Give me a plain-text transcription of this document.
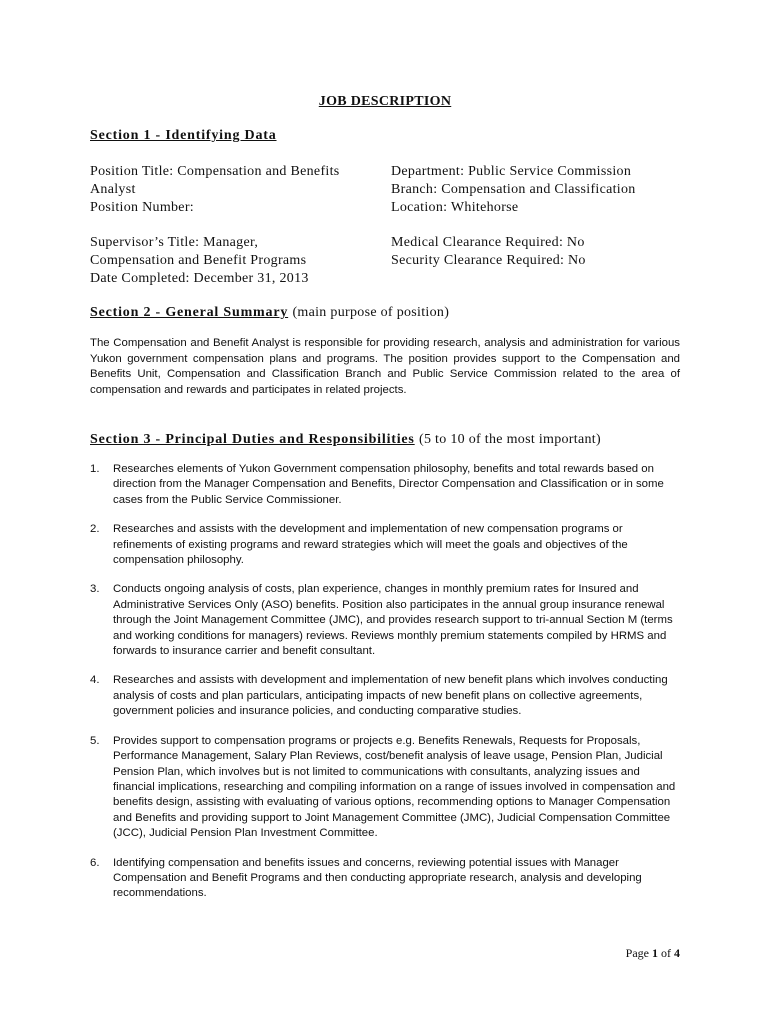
JOB DESCRIPTION
Section 1 - Identifying Data
Position Title: Compensation and Benefits
Analyst
Position Number:
Department: Public Service Commission
Branch: Compensation and Classification
Location: Whitehorse
Supervisor’s Title: Manager,
Compensation and Benefit Programs
Date Completed: December 31, 2013
Medical Clearance Required: No
Security Clearance Required: No
Section 2 - General Summary (main purpose of position)
The Compensation and Benefit Analyst is responsible for providing research, analysis and administration for various Yukon government compensation plans and programs. The position provides support to the Compensation and Benefits Unit, Compensation and Classification Branch and Public Service Commission related to the area of compensation and rewards and participates in related projects.
Section 3 - Principal Duties and Responsibilities (5 to 10 of the most important)
1. Researches elements of Yukon Government compensation philosophy, benefits and total rewards based on direction from the Manager Compensation and Benefits, Director Compensation and Classification or in some cases from the Public Service Commissioner.
2. Researches and assists with the development and implementation of new compensation programs or refinements of existing programs and reward strategies which will meet the goals and objectives of the compensation philosophy.
3. Conducts ongoing analysis of costs, plan experience, changes in monthly premium rates for Insured and Administrative Services Only (ASO) benefits. Position also participates in the annual group insurance renewal through the Joint Management Committee (JMC), and provides research support to tri-annual Section M (terms and working conditions for managers) reviews. Reviews monthly premium statements compiled by HRMS and forwards to insurance carrier and benefit consultant.
4. Researches and assists with development and implementation of new benefit plans which involves conducting analysis of costs and plan particulars, anticipating impacts of new benefit plans on collective agreements, government policies and insurance policies, and conducting comparative studies.
5. Provides support to compensation programs or projects e.g. Benefits Renewals, Requests for Proposals, Performance Management, Salary Plan Reviews, cost/benefit analysis of leave usage, Pension Plan, Judicial Pension Plan, which involves but is not limited to communications with consultants, analyzing issues and financial implications, researching and compiling information on a range of issues involved in compensation and benefits design, assisting with evaluating of various options, recommending options to Manager Compensation and Benefits and providing support to Joint Management Committee (JMC), Judicial Compensation Committee (JCC), Judicial Pension Plan Investment Committee.
6. Identifying compensation and benefits issues and concerns, reviewing potential issues with Manager Compensation and Benefit Programs and then conducting appropriate research, analysis and developing recommendations.
Page 1 of 4
